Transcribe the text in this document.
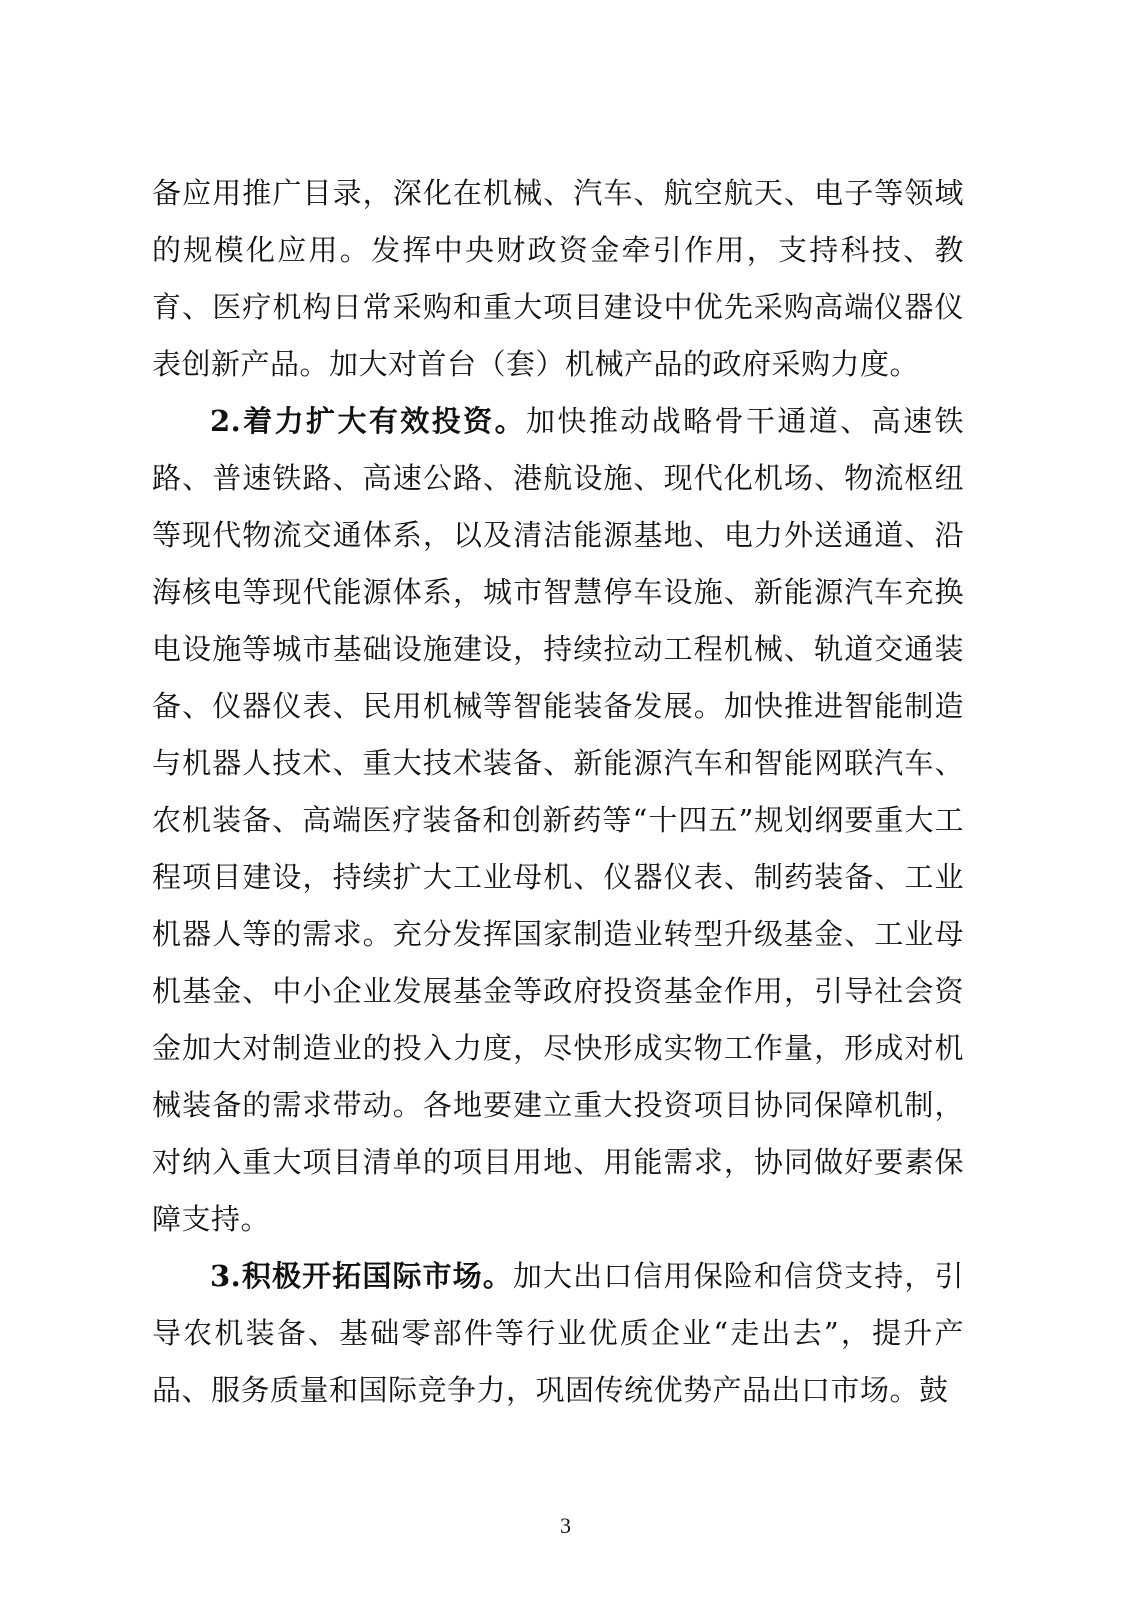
备应用推广目录，深化在机械、汽车、航空航天、电子等领域的规模化应用。发挥中央财政资金牵引作用，支持科技、教育、医疗机构日常采购和重大项目建设中优先采购高端仪器仪表创新产品。加大对首台（套）机械产品的政府采购力度。

2.着力扩大有效投资。加快推动战略骨干通道、高速铁路、普速铁路、高速公路、港航设施、现代化机场、物流枢纽等现代物流交通体系，以及清洁能源基地、电力外送通道、沿海核电等现代能源体系，城市智慧停车设施、新能源汽车充换电设施等城市基础设施建设，持续拉动工程机械、轨道交通装备、仪器仪表、民用机械等智能装备发展。加快推进智能制造与机器人技术、重大技术装备、新能源汽车和智能网联汽车、农机装备、高端医疗装备和创新药等“十四五”规划纲要重大工程项目建设，持续扩大工业母机、仪器仪表、制药装备、工业机器人等的需求。充分发挥国家制造业转型升级基金、工业母机基金、中小企业发展基金等政府投资基金作用，引导社会资金加大对制造业的投入力度，尽快形成实物工作量，形成对机械装备的需求带动。各地要建立重大投资项目协同保障机制，对纳入重大项目清单的项目用地、用能需求，协同做好要素保障支持。

3.积极开拓国际市场。加大出口信用保险和信贷支持，引导农机装备、基础零部件等行业优质企业“走出去”，提升产品、服务质量和国际竞争力，巩固传统优势产品出口市场。鼓

3
